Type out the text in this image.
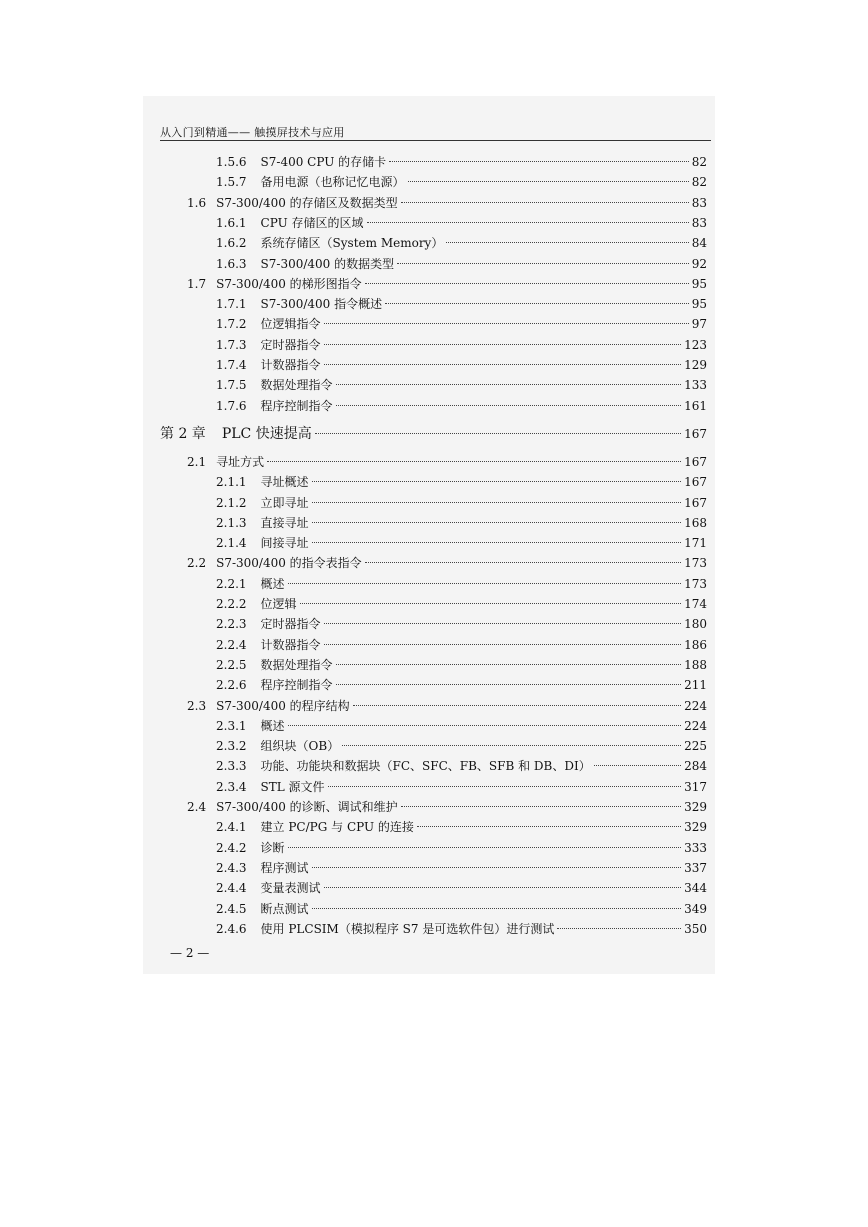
从入门到精通—— 触摸屏技术与应用
1.5.6 S7-400 CPU 的存储卡	82
1.5.7 备用电源（也称记忆电源）	82
1.6 S7-300/400 的存储区及数据类型	83
1.6.1 CPU 存储区的区域	83
1.6.2 系统存储区（System Memory）	84
1.6.3 S7-300/400 的数据类型	92
1.7 S7-300/400 的梯形图指令	95
1.7.1 S7-300/400 指令概述	95
1.7.2 位逻辑指令	97
1.7.3 定时器指令	123
1.7.4 计数器指令	129
1.7.5 数据处理指令	133
1.7.6 程序控制指令	161
第 2 章 PLC 快速提高	167
2.1 寻址方式	167
2.1.1 寻址概述	167
2.1.2 立即寻址	167
2.1.3 直接寻址	168
2.1.4 间接寻址	171
2.2 S7-300/400 的指令表指令	173
2.2.1 概述	173
2.2.2 位逻辑	174
2.2.3 定时器指令	180
2.2.4 计数器指令	186
2.2.5 数据处理指令	188
2.2.6 程序控制指令	211
2.3 S7-300/400 的程序结构	224
2.3.1 概述	224
2.3.2 组织块（OB）	225
2.3.3 功能、功能块和数据块（FC、SFC、FB、SFB 和 DB、DI）	284
2.3.4 STL 源文件	317
2.4 S7-300/400 的诊断、调试和维护	329
2.4.1 建立 PC/PG 与 CPU 的连接	329
2.4.2 诊断	333
2.4.3 程序测试	337
2.4.4 变量表测试	344
2.4.5 断点测试	349
2.4.6 使用 PLCSIM（模拟程序 S7 是可选软件包）进行测试	350
— 2 —
